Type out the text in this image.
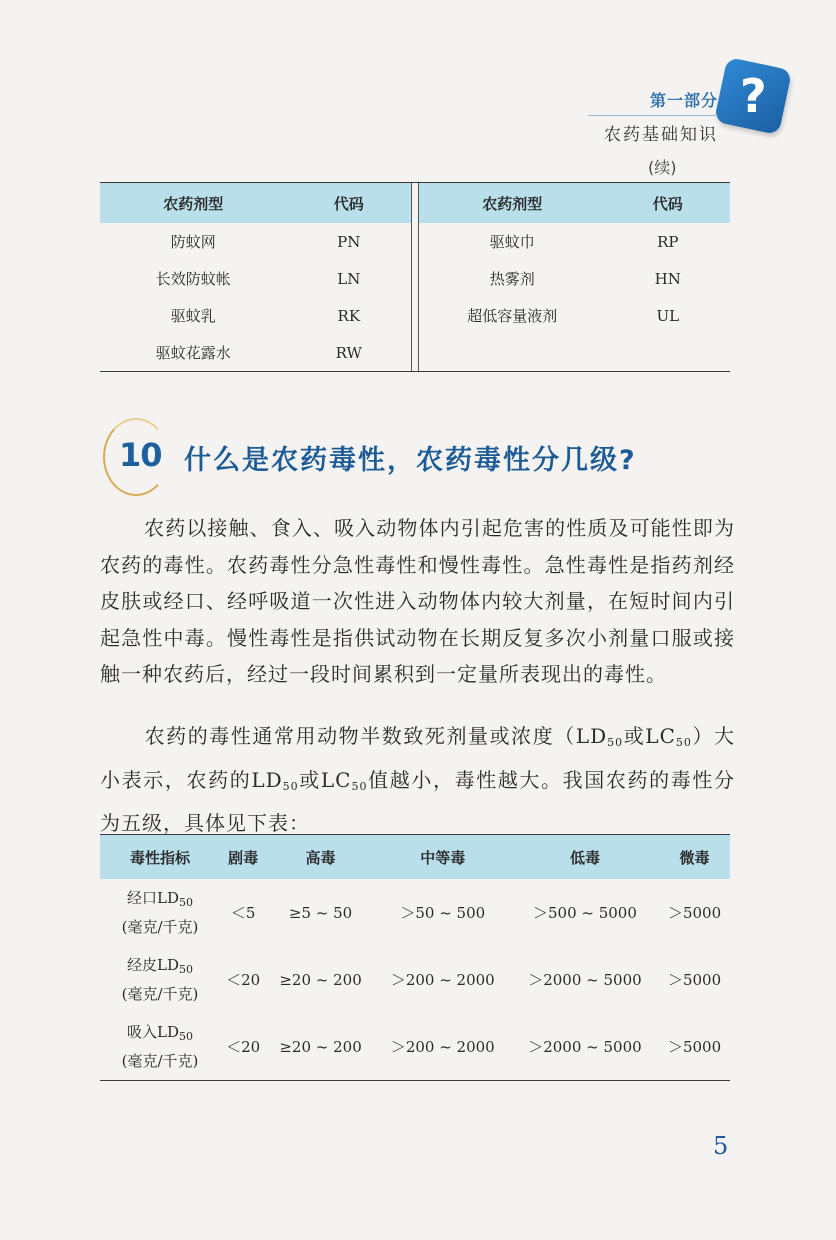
?
第一部分
农药基础知识
(续)
农药剂型	代码
防蚊网	PN
长效防蚊帐	LN
驱蚊乳	RK
驱蚊花露水	RW
农药剂型	代码
驱蚊巾	RP
热雾剂	HN
超低容量液剂	UL
10 什么是农药毒性，农药毒性分几级?
农药以接触、食入、吸入动物体内引起危害的性质及可能性即为农药的毒性。农药毒性分急性毒性和慢性毒性。急性毒性是指药剂经皮肤或经口、经呼吸道一次性进入动物体内较大剂量，在短时间内引起急性中毒。慢性毒性是指供试动物在长期反复多次小剂量口服或接触一种农药后，经过一段时间累积到一定量所表现出的毒性。
农药的毒性通常用动物半数致死剂量或浓度（$LD_{50}$或$LC_{50}$）大小表示，农药的$LD_{50}$或$LC_{50}$值越小，毒性越大。我国农药的毒性分为五级，具体见下表：
毒性指标	剧毒	高毒	中等毒	低毒	微毒
经口$LD_{50}$
(毫克/千克)	＜5	≥5 ~ 50	＞50 ~ 500	＞500 ~ 5000	＞5000
经皮$LD_{50}$
(毫克/千克)	＜20	≥20 ~ 200	＞200 ~ 2000	＞2000 ~ 5000	＞5000
吸入$LD_{50}$
(毫克/千克)	＜20	≥20 ~ 200	＞200 ~ 2000	＞2000 ~ 5000	＞5000
5
